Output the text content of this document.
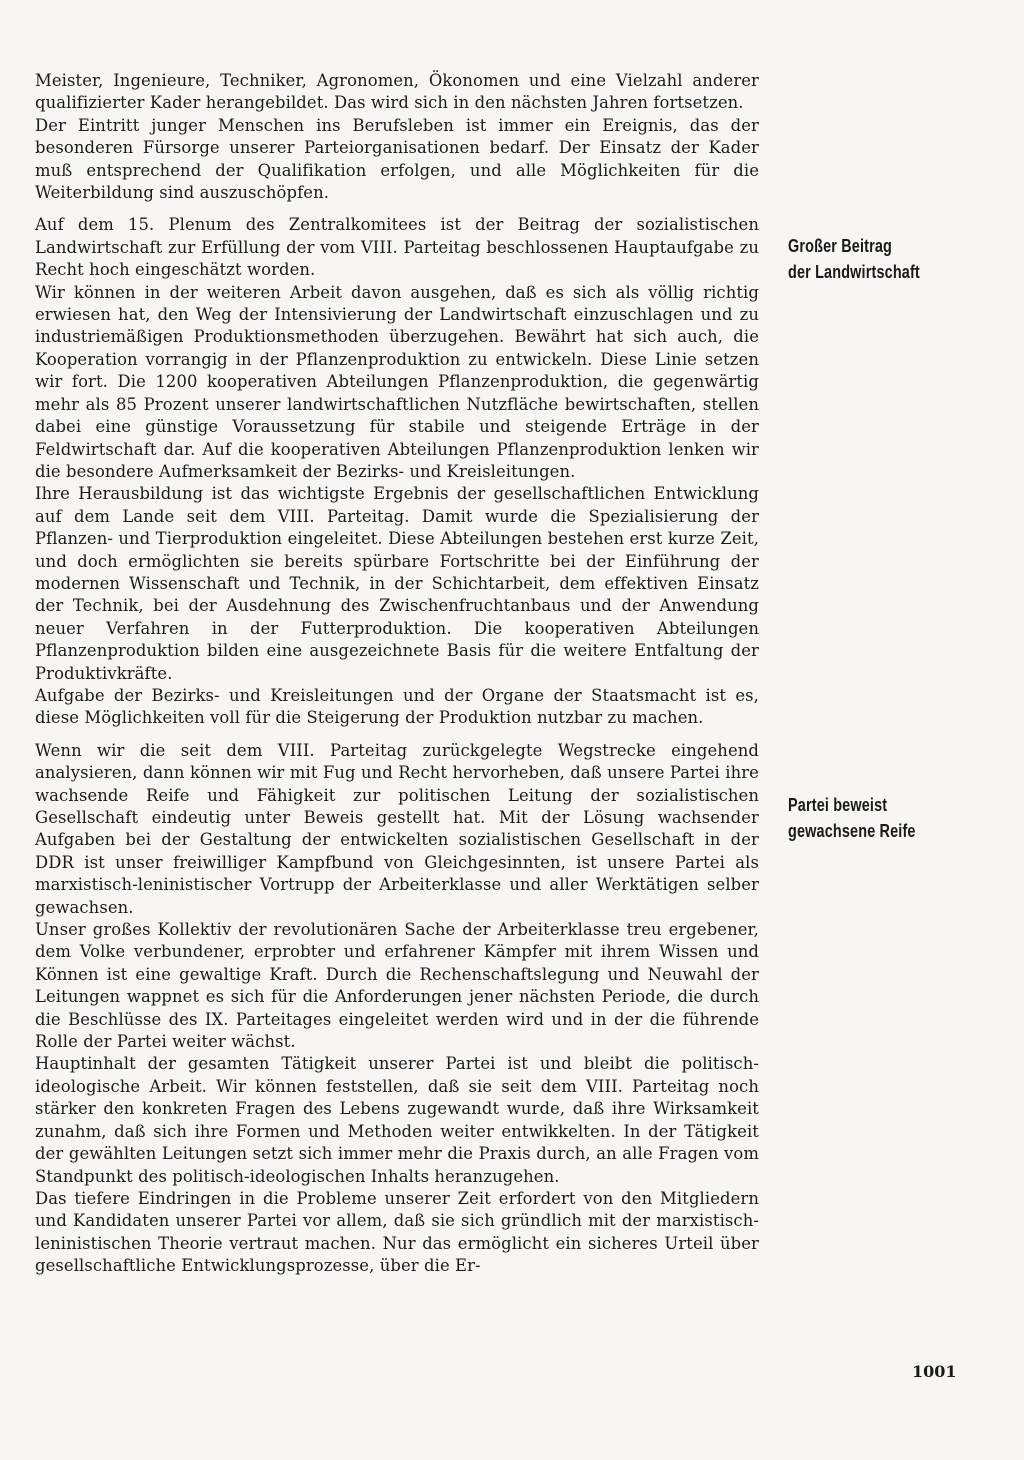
Meister, Ingenieure, Techniker, Agronomen, Ökonomen und eine Vielzahl anderer qualifizierter Kader herangebildet. Das wird sich in den nächsten Jahren fortsetzen.

Der Eintritt junger Menschen ins Berufsleben ist immer ein Ereignis, das der besonderen Fürsorge unserer Parteiorganisationen bedarf. Der Einsatz der Kader muß entsprechend der Qualifikation erfolgen, und alle Möglichkeiten für die Weiterbildung sind auszuschöpfen.

Auf dem 15. Plenum des Zentralkomitees ist der Beitrag der sozialistischen Landwirtschaft zur Erfüllung der vom VIII. Parteitag beschlossenen Hauptaufgabe zu Recht hoch eingeschätzt worden.

Wir können in der weiteren Arbeit davon ausgehen, daß es sich als völlig richtig erwiesen hat, den Weg der Intensivierung der Landwirtschaft einzuschlagen und zu industriemäßigen Produktionsmethoden überzugehen. Bewährt hat sich auch, die Kooperation vorrangig in der Pflanzenproduktion zu entwickeln. Diese Linie setzen wir fort. Die 1200 kooperativen Abteilungen Pflanzenproduktion, die gegenwärtig mehr als 85 Prozent unserer landwirtschaftlichen Nutzfläche bewirtschaften, stellen dabei eine günstige Voraussetzung für stabile und steigende Erträge in der Feldwirtschaft dar. Auf die kooperativen Abteilungen Pflanzenproduktion lenken wir die besondere Aufmerksamkeit der Bezirks- und Kreisleitungen.

Ihre Herausbildung ist das wichtigste Ergebnis der gesellschaftlichen Entwicklung auf dem Lande seit dem VIII. Parteitag. Damit wurde die Spezialisierung der Pflanzen- und Tierproduktion eingeleitet. Diese Abteilungen bestehen erst kurze Zeit, und doch ermöglichten sie bereits spürbare Fortschritte bei der Einführung der modernen Wissenschaft und Technik, in der Schichtarbeit, dem effektiven Einsatz der Technik, bei der Ausdehnung des Zwischenfruchtanbaus und der Anwendung neuer Verfahren in der Futterproduktion. Die kooperativen Abteilungen Pflanzenproduktion bilden eine ausgezeichnete Basis für die weitere Entfaltung der Produktivkräfte.

Aufgabe der Bezirks- und Kreisleitungen und der Organe der Staatsmacht ist es, diese Möglichkeiten voll für die Steigerung der Produktion nutzbar zu machen.

Wenn wir die seit dem VIII. Parteitag zurückgelegte Wegstrecke eingehend analysieren, dann können wir mit Fug und Recht hervorheben, daß unsere Partei ihre wachsende Reife und Fähigkeit zur politischen Leitung der sozialistischen Gesellschaft eindeutig unter Beweis gestellt hat. Mit der Lösung wachsender Aufgaben bei der Gestaltung der entwickelten sozialistischen Gesellschaft in der DDR ist unser freiwilliger Kampfbund von Gleichgesinnten, ist unsere Partei als marxistisch-leninistischer Vortrupp der Arbeiterklasse und aller Werktätigen selber gewachsen.

Unser großes Kollektiv der revolutionären Sache der Arbeiterklasse treu ergebener, dem Volke verbundener, erprobter und erfahrener Kämpfer mit ihrem Wissen und Können ist eine gewaltige Kraft. Durch die Rechenschaftslegung und Neuwahl der Leitungen wappnet es sich für die Anforderungen jener nächsten Periode, die durch die Beschlüsse des IX. Parteitages eingeleitet werden wird und in der die führende Rolle der Partei weiter wächst.

Hauptinhalt der gesamten Tätigkeit unserer Partei ist und bleibt die politisch-ideologische Arbeit. Wir können feststellen, daß sie seit dem VIII. Parteitag noch stärker den konkreten Fragen des Lebens zugewandt wurde, daß ihre Wirksamkeit zunahm, daß sich ihre Formen und Methoden weiter entwikkelten. In der Tätigkeit der gewählten Leitungen setzt sich immer mehr die Praxis durch, an alle Fragen vom Standpunkt des politisch-ideologischen Inhalts heranzugehen.

Das tiefere Eindringen in die Probleme unserer Zeit erfordert von den Mitgliedern und Kandidaten unserer Partei vor allem, daß sie sich gründlich mit der marxistisch-leninistischen Theorie vertraut machen. Nur das ermöglicht ein sicheres Urteil über gesellschaftliche Entwicklungsprozesse, über die Er-

Großer Beitrag
der Landwirtschaft
Partei beweist
gewachsene Reife
1001
